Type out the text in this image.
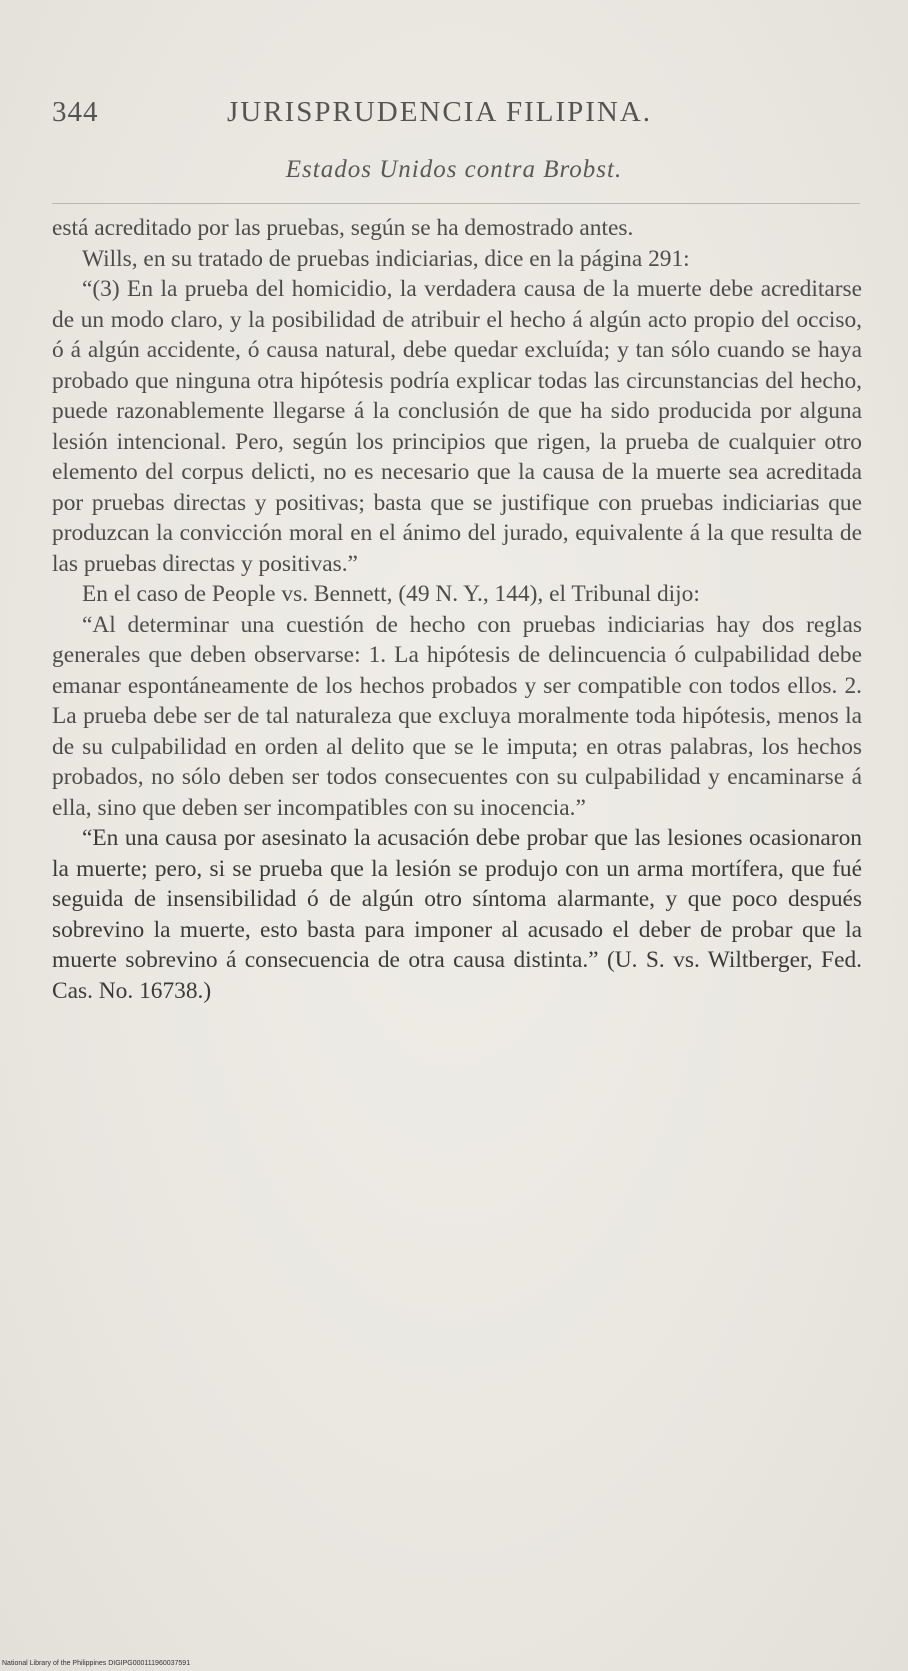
344	JURISPRUDENCIA FILIPINA.
Estados Unidos contra Brobst.

está acreditado por las pruebas, según se ha demostrado antes.

Wills, en su tratado de pruebas indiciarias, dice en la página 291:

“(3) En la prueba del homicidio, la verdadera causa de la muerte debe acreditarse de un modo claro, y la posibilidad de atribuir el hecho á algún acto propio del occiso, ó á algún accidente, ó causa natural, debe quedar excluída; y tan sólo cuando se haya probado que ninguna otra hipótesis podría explicar todas las circunstancias del hecho, puede razonablemente llegarse á la conclusión de que ha sido producida por alguna lesión intencional. Pero, según los principios que rigen, la prueba de cualquier otro elemento del corpus delicti, no es necesario que la causa de la muerte sea acreditada por pruebas directas y positivas; basta que se justifique con pruebas indiciarias que produzcan la convicción moral en el ánimo del jurado, equivalente á la que resulta de las pruebas directas y positivas.”

En el caso de People vs. Bennett, (49 N. Y., 144), el Tribunal dijo:

“Al determinar una cuestión de hecho con pruebas indiciarias hay dos reglas generales que deben observarse: 1. La hipótesis de delincuencia ó culpabilidad debe emanar espontáneamente de los hechos probados y ser compatible con todos ellos. 2. La prueba debe ser de tal naturaleza que excluya moralmente toda hipótesis, menos la de su culpabilidad en orden al delito que se le imputa; en otras palabras, los hechos probados, no sólo deben ser todos consecuentes con su culpabilidad y encaminarse á ella, sino que deben ser incompatibles con su inocencia.”

“En una causa por asesinato la acusación debe probar que las lesiones ocasionaron la muerte; pero, si se prueba que la lesión se produjo con un arma mortífera, que fué seguida de insensibilidad ó de algún otro síntoma alarmante, y que poco después sobrevino la muerte, esto basta para imponer al acusado el deber de probar que la muerte sobrevino á consecuencia de otra causa distinta.” (U. S. vs. Wiltberger, Fed. Cas. No. 16738.)

National Library of the Philippines DIGIPG000111960037591
